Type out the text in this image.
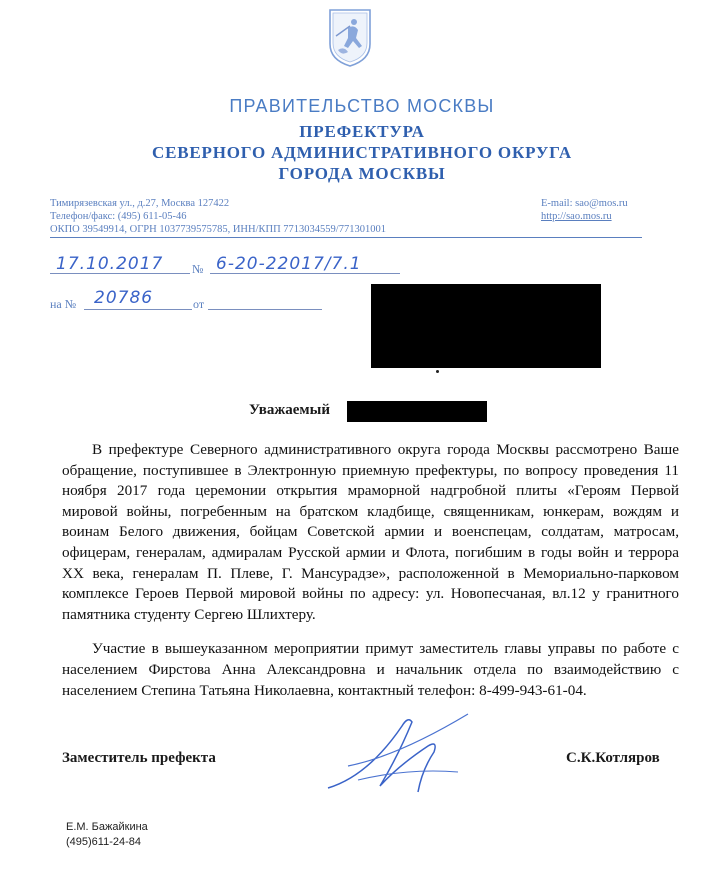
ПРАВИТЕЛЬСТВО МОСКВЫ
ПРЕФЕКТУРА
СЕВЕРНОГО АДМИНИСТРАТИВНОГО ОКРУГА
ГОРОДА МОСКВЫ
Тимирязевская ул., д.27, Москва 127422
Телефон/факс: (495) 611-05-46
ОКПО 39549914, ОГРН 1037739575785, ИНН/КПП 7713034559/771301001
E-mail: sao@mos.ru
http://sao.mos.ru
17.10.2017 № 6-20-22017/7.1
на № 20786	от
Уважаемый

В префектуре Северного административного округа города Москвы рассмотрено Ваше обращение, поступившее в Электронную приемную префектуры, по вопросу проведения 11 ноября 2017 года церемонии открытия мраморной надгробной плиты «Героям Первой мировой войны, погребенным на братском кладбище, священникам, юнкерам, вождям и воинам Белого движения, бойцам Советской армии и военспецам, солдатам, матросам, офицерам, генералам, адмиралам Русской армии и Флота, погибшим в годы войн и террора XX века, генералам П. Плеве, Г. Мансурадзе», расположенной в Мемориально-парковом комплексе Героев Первой мировой войны по адресу: ул. Новопесчаная, вл.12 у гранитного памятника студенту Сергею Шлихтеру.

Участие в вышеуказанном мероприятии примут заместитель главы управы по работе с населением Фирстова Анна Александровна и начальник отдела по взаимодействию с населением Степина Татьяна Николаевна, контактный телефон: 8-499-943-61-04.

Заместитель префекта	С.К.Котляров
Е.М. Бажайкина
(495)611-24-84
